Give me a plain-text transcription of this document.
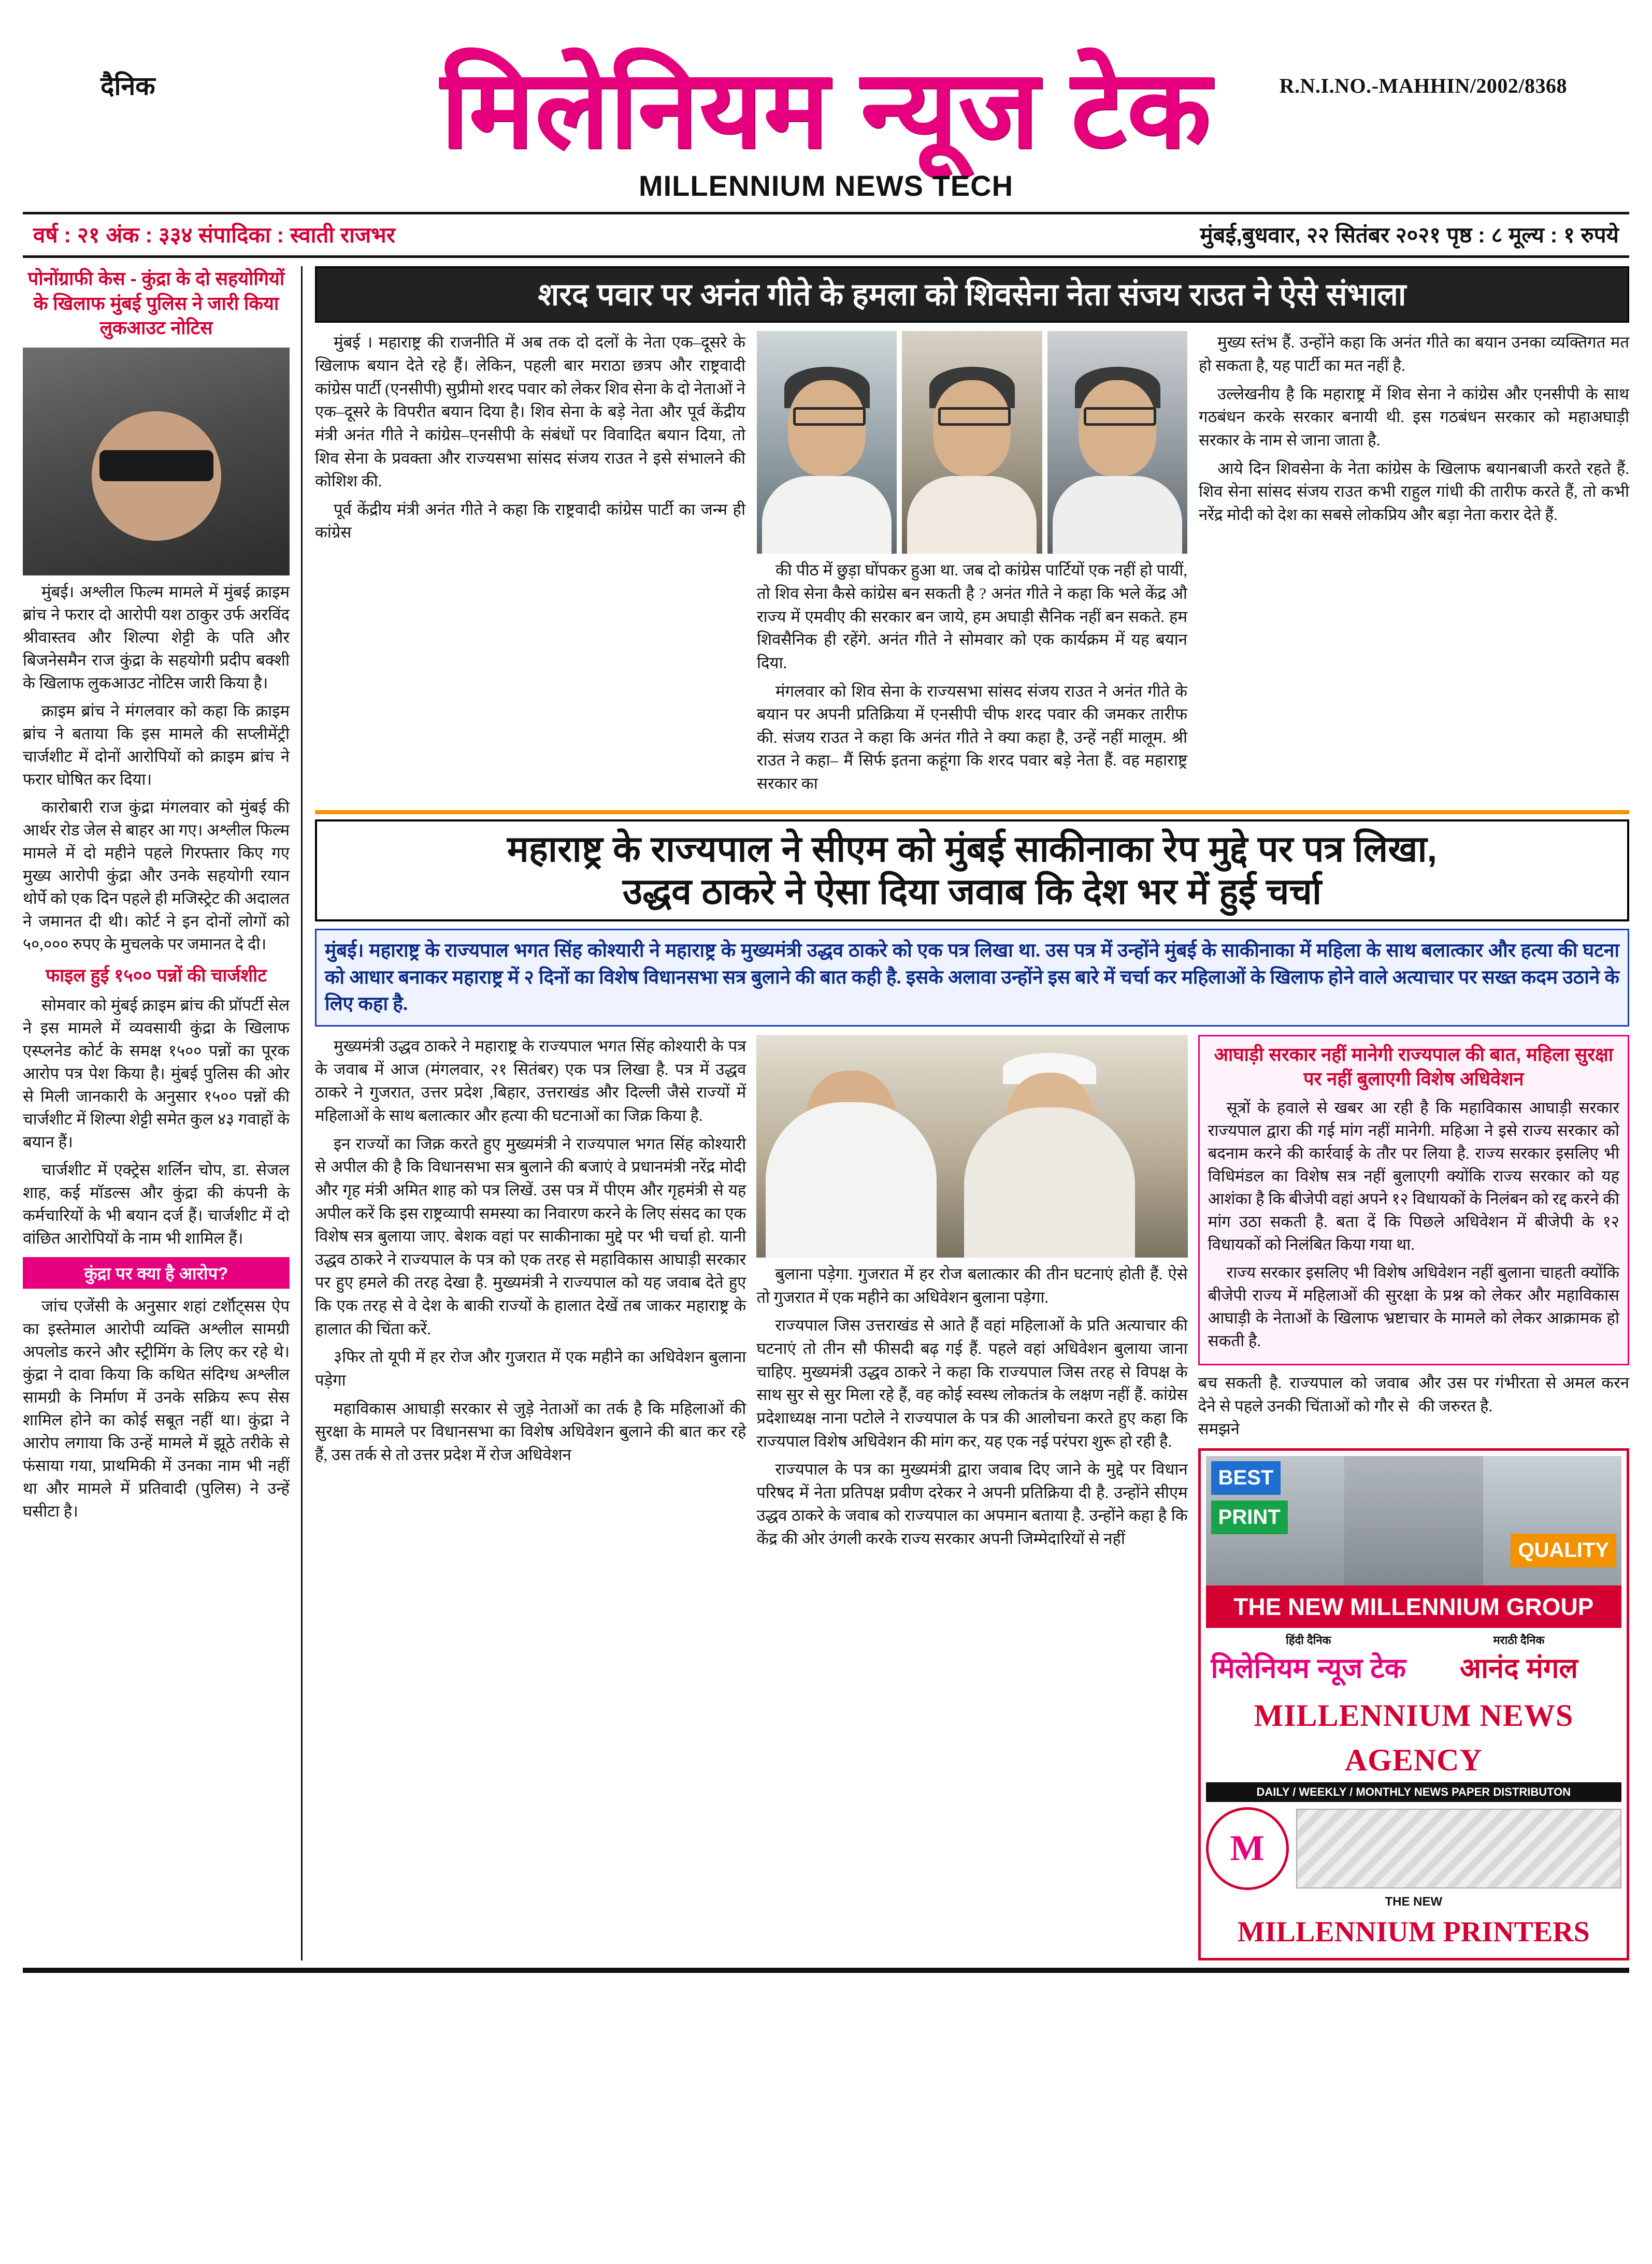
दैनिक	R.N.I.NO.-MAHHIN/2002/8368
मिलेनियम न्यूज टेक
MILLENNIUM NEWS TECH
वर्ष : २१ अंक : ३३४ संपादिका : स्वाती राजभर	मुंबई,बुधवार, २२ सितंबर २०२१ पृष्ठ : ८ मूल्य : १ रुपये
पोनोंग्राफी केस - कुंद्रा के दो सहयोगियों के खिलाफ मुंबई पुलिस ने जारी किया लुकआउट नोटिस

मुंबई। अश्लील फिल्म मामले में मुंबई क्राइम ब्रांच ने फरार दो आरोपी यश ठाकुर उर्फ अरविंद श्रीवास्तव और शिल्पा शेट्टी के पति और बिजनेसमैन राज कुंद्रा के सहयोगी प्रदीप बक्शी के खिलाफ लुकआउट नोटिस जारी किया है।

क्राइम ब्रांच ने मंगलवार को कहा कि क्राइम ब्रांच ने बताया कि इस मामले की सप्लीमेंट्री चार्जशीट में दोनों आरोपियों को क्राइम ब्रांच ने फरार घोषित कर दिया।

कारोबारी राज कुंद्रा मंगलवार को मुंबई की आर्थर रोड जेल से बाहर आ गए। अश्लील फिल्म मामले में दो महीने पहले गिरफ्तार किए गए मुख्य आरोपी कुंद्रा और उनके सहयोगी रयान थोर्पे को एक दिन पहले ही मजिस्ट्रेट की अदालत ने जमानत दी थी। कोर्ट ने इन दोनों लोगों को ५०,००० रुपए के मुचलके पर जमानत दे दी।

फाइल हुई १५०० पन्नों की चार्जशीट

सोमवार को मुंबई क्राइम ब्रांच की प्रॉपर्टी सेल ने इस मामले में व्यवसायी कुंद्रा के खिलाफ एस्प्लनेड कोर्ट के समक्ष १५०० पन्नों का पूरक आरोप पत्र पेश किया है। मुंबई पुलिस की ओर से मिली जानकारी के अनुसार १५०० पन्नों की चार्जशीट में शिल्पा शेट्टी समेत कुल ४३ गवाहों के बयान हैं।

चार्जशीट में एक्ट्रेस शर्लिन चोप, डा. सेजल शाह, कई मॉडल्स और कुंद्रा की कंपनी के कर्मचारियों के भी बयान दर्ज हैं। चार्जशीट में दो वांछित आरोपियों के नाम भी शामिल हैं।

कुंद्रा पर क्या है आरोप?

जांच एजेंसी के अनुसार शहां टर्शाॅट्सस ऐप का इस्तेमाल आरोपी व्यक्ति अश्लील सामग्री अपलोड करने और स्ट्रीमिंग के लिए कर रहे थे। कुंद्रा ने दावा किया कि कथित संदिग्ध अश्लील सामग्री के निर्माण में उनके सक्रिय रूप सेस शामिल होने का कोई सबूत नहीं था। कुंद्रा ने आरोप लगाया कि उन्हें मामले में झूठे तरीके से फंसाया गया, प्राथमिकी में उनका नाम भी नहीं था और मामले में प्रतिवादी (पुलिस) ने उन्हें घसीटा है।

शरद पवार पर अनंत गीते के हमला को शिवसेना नेता संजय राउत ने ऐसे संभाला

मुंबई । महाराष्ट्र की राजनीति में अब तक दो दलों के नेता एक–दूसरे के खिलाफ बयान देते रहे हैं। लेकिन, पहली बार मराठा छत्रप और राष्ट्रवादी कांग्रेस पार्टी (एनसीपी) सुप्रीमो शरद पवार को लेकर शिव सेना के दो नेताओं ने एक–दूसरे के विपरीत बयान दिया है। शिव सेना के बड़े नेता और पूर्व केंद्रीय मंत्री अनंत गीते ने कांग्रेस–एनसीपी के संबंधों पर विवादित बयान दिया, तो शिव सेना के प्रवक्ता और राज्यसभा सांसद संजय राउत ने इसे संभालने की कोशिश की.

पूर्व केंद्रीय मंत्री अनंत गीते ने कहा कि राष्ट्रवादी कांग्रेस पार्टी का जन्म ही कांग्रेस

की पीठ में छुड़ा घोंपकर हुआ था. जब दो कांग्रेस पार्टियों एक नहीं हो पायीं, तो शिव सेना कैसे कांग्रेस बन सकती है ? अनंत गीते ने कहा कि भले केंद्र औ राज्य में एमवीए की सरकार बन जाये, हम अघाड़ी सैनिक नहीं बन सकते. हम शिवसैनिक ही रहेंगे. अनंत गीते ने सोमवार को एक कार्यक्रम में यह बयान दिया.

मंगलवार को शिव सेना के राज्यसभा सांसद संजय राउत ने अनंत गीते के बयान पर अपनी प्रतिक्रिया में एनसीपी चीफ शरद पवार की जमकर तारीफ की. संजय राउत ने कहा कि अनंत गीते ने क्या कहा है, उन्हें नहीं मालूम. श्री राउत ने कहा– मैं सिर्फ इतना कहूंगा कि शरद पवार बड़े नेता हैं. वह महाराष्ट्र सरकार का

मुख्य स्तंभ हैं. उन्होंने कहा कि अनंत गीते का बयान उनका व्यक्तिगत मत हो सकता है, यह पार्टी का मत नहीं है.

उल्लेखनीय है कि महाराष्ट्र में शिव सेना ने कांग्रेस और एनसीपी के साथ गठबंधन करके सरकार बनायी थी. इस गठबंधन सरकार को महाअघाड़ी सरकार के नाम से जाना जाता है.

आये दिन शिवसेना के नेता कांग्रेस के खिलाफ बयानबाजी करते रहते हैं. शिव सेना सांसद संजय राउत कभी राहुल गांधी की तारीफ करते हैं, तो कभी नरेंद्र मोदी को देश का सबसे लोकप्रिय और बड़ा नेता करार देते हैं.

महाराष्ट्र के राज्यपाल ने सीएम को मुंबई साकीनाका रेप मुद्दे पर पत्र लिखा,
उद्धव ठाकरे ने ऐसा दिया जवाब कि देश भर में हुई चर्चा
मुंबई। महाराष्ट्र के राज्यपाल भगत सिंह कोश्यारी ने महाराष्ट्र के मुख्यमंत्री उद्धव ठाकरे को एक पत्र लिखा था. उस पत्र में उन्होंने मुंबई के साकीनाका में महिला के साथ बलात्कार और हत्या की घटना को आधार बनाकर महाराष्ट्र में २ दिनों का विशेष विधानसभा सत्र बुलाने की बात कही है. इसके अलावा उन्होंने इस बारे में चर्चा कर महिलाओं के खिलाफ होने वाले अत्याचार पर सख्त कदम उठाने के लिए कहा है.

मुख्यमंत्री उद्धव ठाकरे ने महाराष्ट्र के राज्यपाल भगत सिंह कोश्यारी के पत्र के जवाब में आज (मंगलवार, २१ सितंबर) एक पत्र लिखा है. पत्र में उद्धव ठाकरे ने गुजरात, उत्तर प्रदेश ,बिहार, उत्तराखंड और दिल्ली जैसे राज्यों में महिलाओं के साथ बलात्कार और हत्या की घटनाओं का जिक्र किया है.

इन राज्यों का जिक्र करते हुए मुख्यमंत्री ने राज्यपाल भगत सिंह कोश्यारी से अपील की है कि विधानसभा सत्र बुलाने की बजाएं वे प्रधानमंत्री नरेंद्र मोदी और गृह मंत्री अमित शाह को पत्र लिखें. उस पत्र में पीएम और गृहमंत्री से यह अपील करें कि इस राष्ट्रव्यापी समस्या का निवारण करने के लिए संसद का एक विशेष सत्र बुलाया जाए. बेशक वहां पर साकीनाका मुद्दे पर भी चर्चा हो. यानी उद्धव ठाकरे ने राज्यपाल के पत्र को एक तरह से महाविकास आघाड़ी सरकार पर हुए हमले की तरह देखा है. मुख्यमंत्री ने राज्यपाल को यह जवाब देते हुए कि एक तरह से वे देश के बाकी राज्यों के हालात देखें तब जाकर महाराष्ट्र के हालात की चिंता करें.

३फिर तो यूपी में हर रोज और गुजरात में एक महीने का अधिवेशन बुलाना पड़ेगा

महाविकास आघाड़ी सरकार से जुड़े नेताओं का तर्क है कि महिलाओं की सुरक्षा के मामले पर विधानसभा का विशेष अधिवेशन बुलाने की बात कर रहे हैं, उस तर्क से तो उत्तर प्रदेश में रोज अधिवेशन

बुलाना पड़ेगा. गुजरात में हर रोज बलात्कार की तीन घटनाएं होती हैं. ऐसे तो गुजरात में एक महीने का अधिवेशन बुलाना पड़ेगा.

राज्यपाल जिस उत्तराखंड से आते हैं वहां महिलाओं के प्रति अत्याचार की घटनाएं तो तीन सौ फीसदी बढ़ गई हैं. पहले वहां अधिवेशन बुलाया जाना चाहिए. मुख्यमंत्री उद्धव ठाकरे ने कहा कि राज्यपाल जिस तरह से विपक्ष के साथ सुर से सुर मिला रहे हैं, वह कोई स्वस्थ लोकतंत्र के लक्षण नहीं हैं. कांग्रेस प्रदेशाध्यक्ष नाना पटोले ने राज्यपाल के पत्र की आलोचना करते हुए कहा कि राज्यपाल विशेष अधिवेशन की मांग कर, यह एक नई परंपरा शुरू हो रही है.

राज्यपाल के पत्र का मुख्यमंत्री द्वारा जवाब दिए जाने के मुद्दे पर विधान परिषद में नेता प्रतिपक्ष प्रवीण दरेकर ने अपनी प्रतिक्रिया दी है. उन्होंने सीएम उद्धव ठाकरे के जवाब को राज्यपाल का अपमान बताया है. उन्होंने कहा है कि केंद्र की ओर उंगली करके राज्य सरकार अपनी जिम्मेदारियों से नहीं

आघाड़ी सरकार नहीं मानेगी राज्यपाल की बात, महिला सुरक्षा पर नहीं बुलाएगी विशेष अधिवेशन

सूत्रों के हवाले से खबर आ रही है कि महाविकास आघाड़ी सरकार राज्यपाल द्वारा की गई मांग नहीं मानेगी. महिआ ने इसे राज्य सरकार को बदनाम करने की कार्रवाई के तौर पर लिया है. राज्य सरकार इसलिए भी विधिमंडल का विशेष सत्र नहीं बुलाएगी क्योंकि राज्य सरकार को यह आशंका है कि बीजेपी वहां अपने १२ विधायकों के निलंबन को रद्द करने की मांग उठा सकती है. बता दें कि पिछले अधिवेशन में बीजेपी के १२ विधायकों को निलंबित किया गया था.

राज्य सरकार इसलिए भी विशेष अधिवेशन नहीं बुलाना चाहती क्योंकि बीजेपी राज्य में महिलाओं की सुरक्षा के प्रश्न को लेकर और महाविकास आघाड़ी के नेताओं के खिलाफ भ्रष्टाचार के मामले को लेकर आक्रामक हो सकती है.

बच सकती है. राज्यपाल को जवाब देने से पहले उनकी चिंताओं को गौर से समझने
और उस पर गंभीरता से अमल करन की जरुरत है.
BEST
PRINT
QUALITY
THE NEW MILLENNIUM GROUP
हिंदी दैनिक
मिलेनियम न्यूज टेक
मराठी दैनिक
आनंद मंगल
MILLENNIUM NEWS AGENCY
DAILY / WEEKLY / MONTHLY NEWS PAPER DISTRIBUTON
M
THE NEW
MILLENNIUM PRINTERS
